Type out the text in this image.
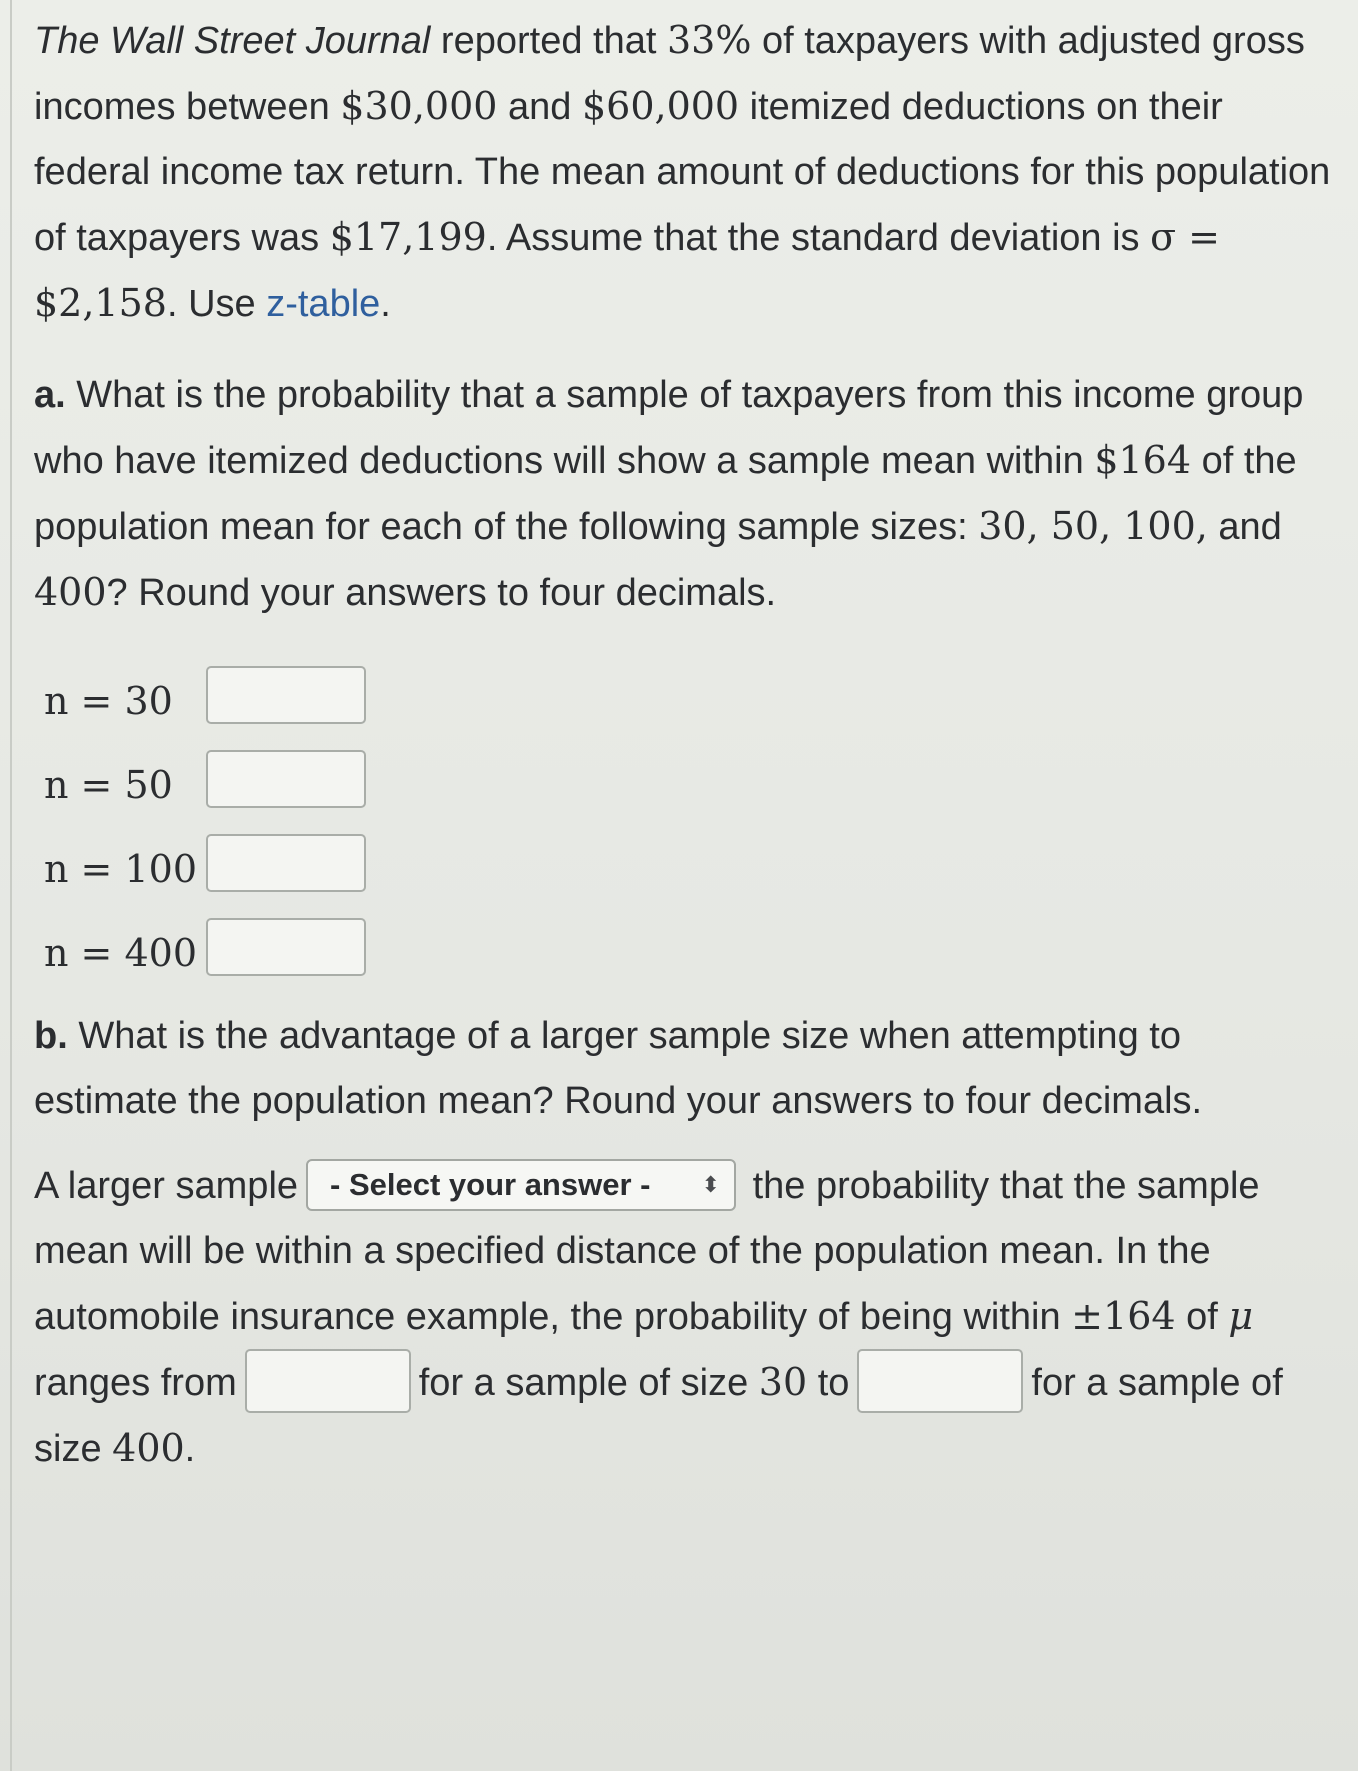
The Wall Street Journal reported that 33% of taxpayers with adjusted gross incomes between $30,000 and $60,000 itemized deductions on their federal income tax return. The mean amount of deductions for this population of taxpayers was $17,199. Assume that the standard deviation is σ = $2,158. Use z-table.

a. What is the probability that a sample of taxpayers from this income group who have itemized deductions will show a sample mean within $164 of the population mean for each of the following sample sizes: 30, 50, 100, and 400? Round your answers to four decimals.

n = 30
n = 50
n = 100
n = 400

b. What is the advantage of a larger sample size when attempting to estimate the population mean? Round your answers to four decimals.

A larger sample - Select your answer - ⬍ the probability that the sample mean will be within a specified distance of the population mean. In the automobile insurance example, the probability of being within ±164 of μ ranges from	for a sample of size 30 to	for a sample of size 400.
